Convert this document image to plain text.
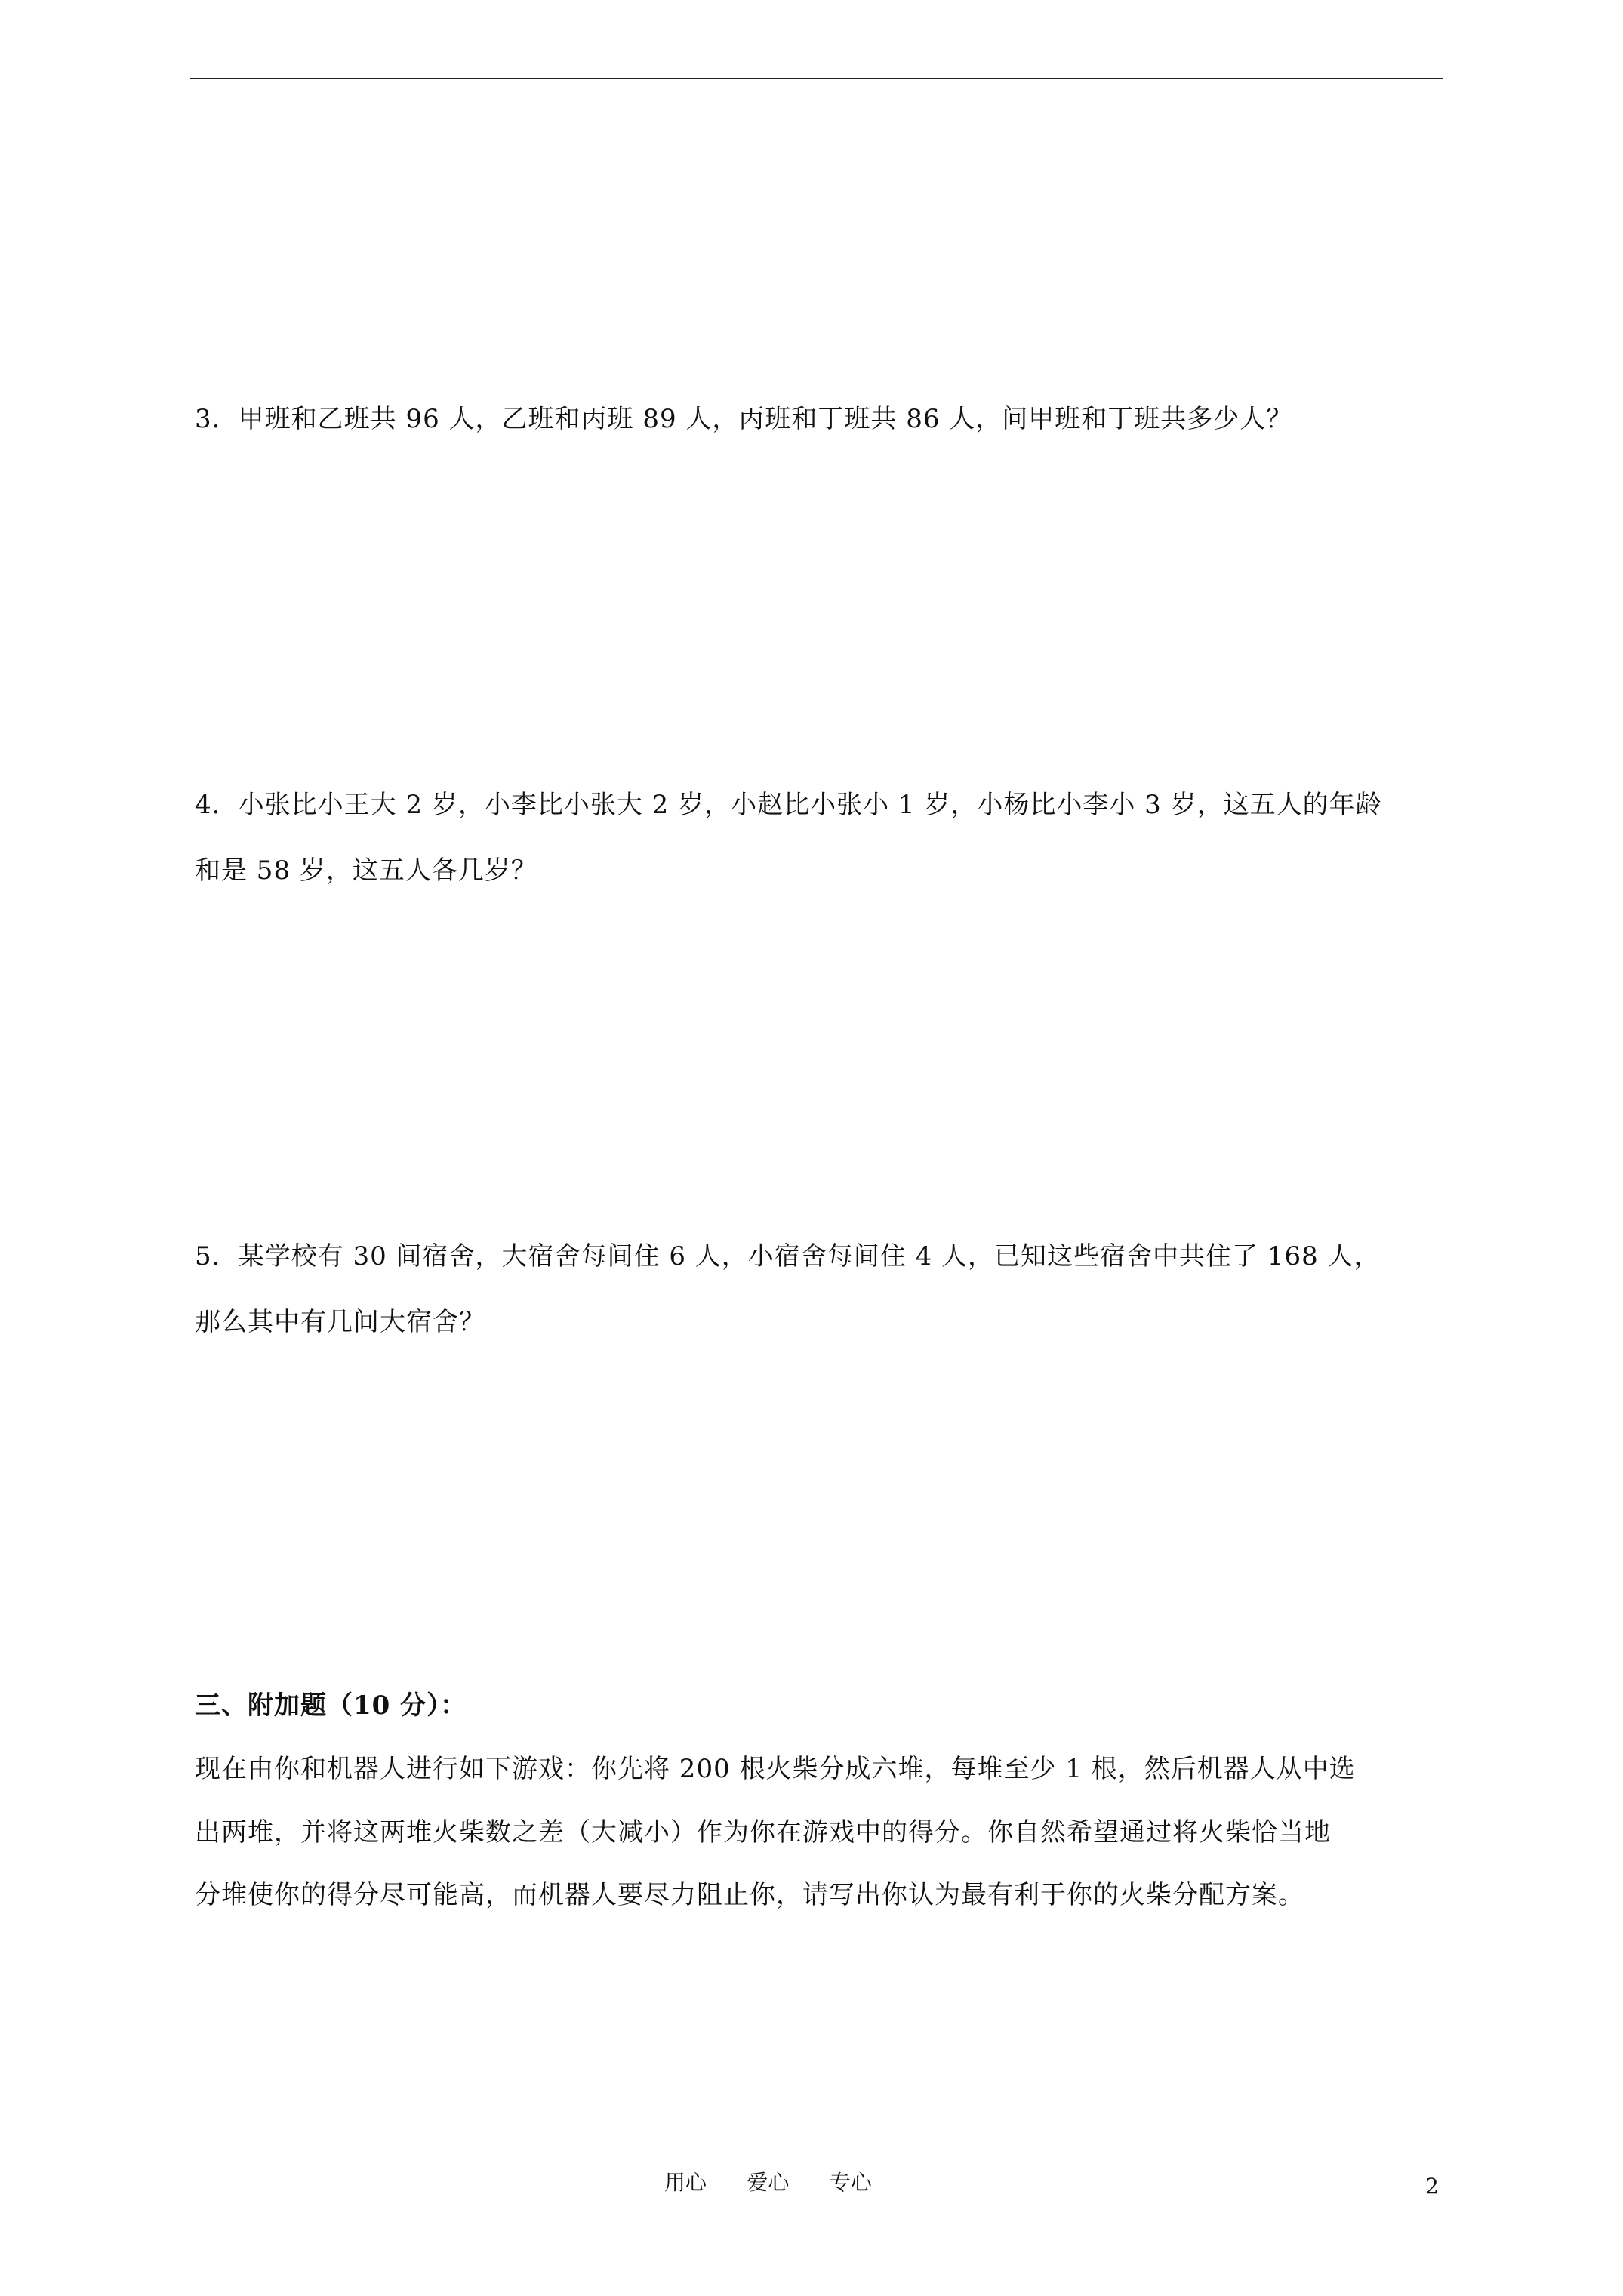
3．甲班和乙班共 96 人，乙班和丙班 89 人，丙班和丁班共 86 人，问甲班和丁班共多少人？
4．小张比小王大 2 岁，小李比小张大 2 岁，小赵比小张小 1 岁，小杨比小李小 3 岁，这五人的年龄
和是 58 岁，这五人各几岁？
5．某学校有 30 间宿舍，大宿舍每间住 6 人，小宿舍每间住 4 人，已知这些宿舍中共住了 168 人，
那么其中有几间大宿舍？
三、附加题（10 分）：
现在由你和机器人进行如下游戏：你先将 200 根火柴分成六堆，每堆至少 1 根，然后机器人从中选
出两堆，并将这两堆火柴数之差（大减小）作为你在游戏中的得分。你自然希望通过将火柴恰当地
分堆使你的得分尽可能高，而机器人要尽力阻止你，请写出你认为最有利于你的火柴分配方案。
用心      爱心      专心	2
